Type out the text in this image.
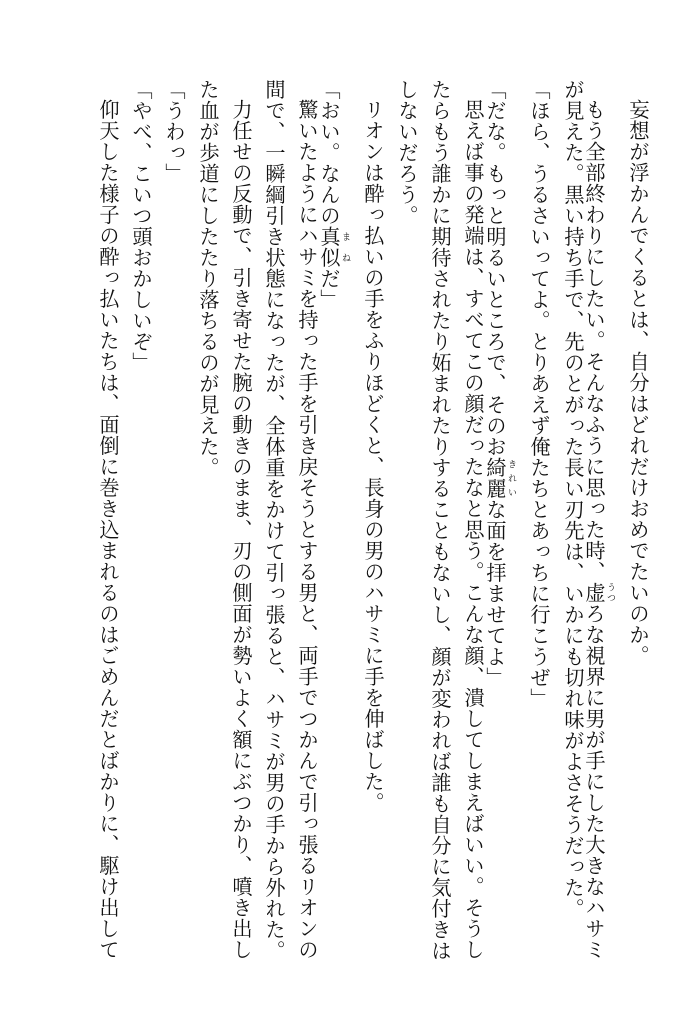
妄想が浮かんでくるとは、自分はどれだけおめでたいのか。
もう全部終わりにしたい。そんなふうに思った時、虚 うつろな視界に男が手にした大きなハサミ
が見えた。黒い持ち手で、先のとがった長い刃先は、いかにも切れ味がよさそうだった。
「ほら、うるさいってよ。とりあえず俺たちとあっちに行こうぜ」
「だな。もっと明るいところで、そのお綺麗 きれいな面を拝ませてよ」
思えば事の発端は、すべてこの顔だったなと思う。こんな顔、潰してしまえばいい。そうし
たらもう誰かに期待されたり妬まれたりすることもないし、顔が変われば誰も自分に気付きは
しないだろう。
リオンは酔っ払いの手をふりほどくと、長身の男のハサミに手を伸ばした。
「おい。なんの真似 まねだ」
驚いたようにハサミを持った手を引き戻そうとする男と、両手でつかんで引っ張るリオンの
間で、一瞬綱引き状態になったが、全体重をかけて引っ張ると、ハサミが男の手から外れた。
力任せの反動で、引き寄せた腕の動きのまま、刃の側面が勢いよく額にぶつかり、噴き出し
た血が歩道にしたたり落ちるのが見えた。
「うわっ」
「やべ、こいつ頭おかしいぞ」
仰天した様子の酔っ払いたちは、面倒に巻き込まれるのはごめんだとばかりに、駆け出して
